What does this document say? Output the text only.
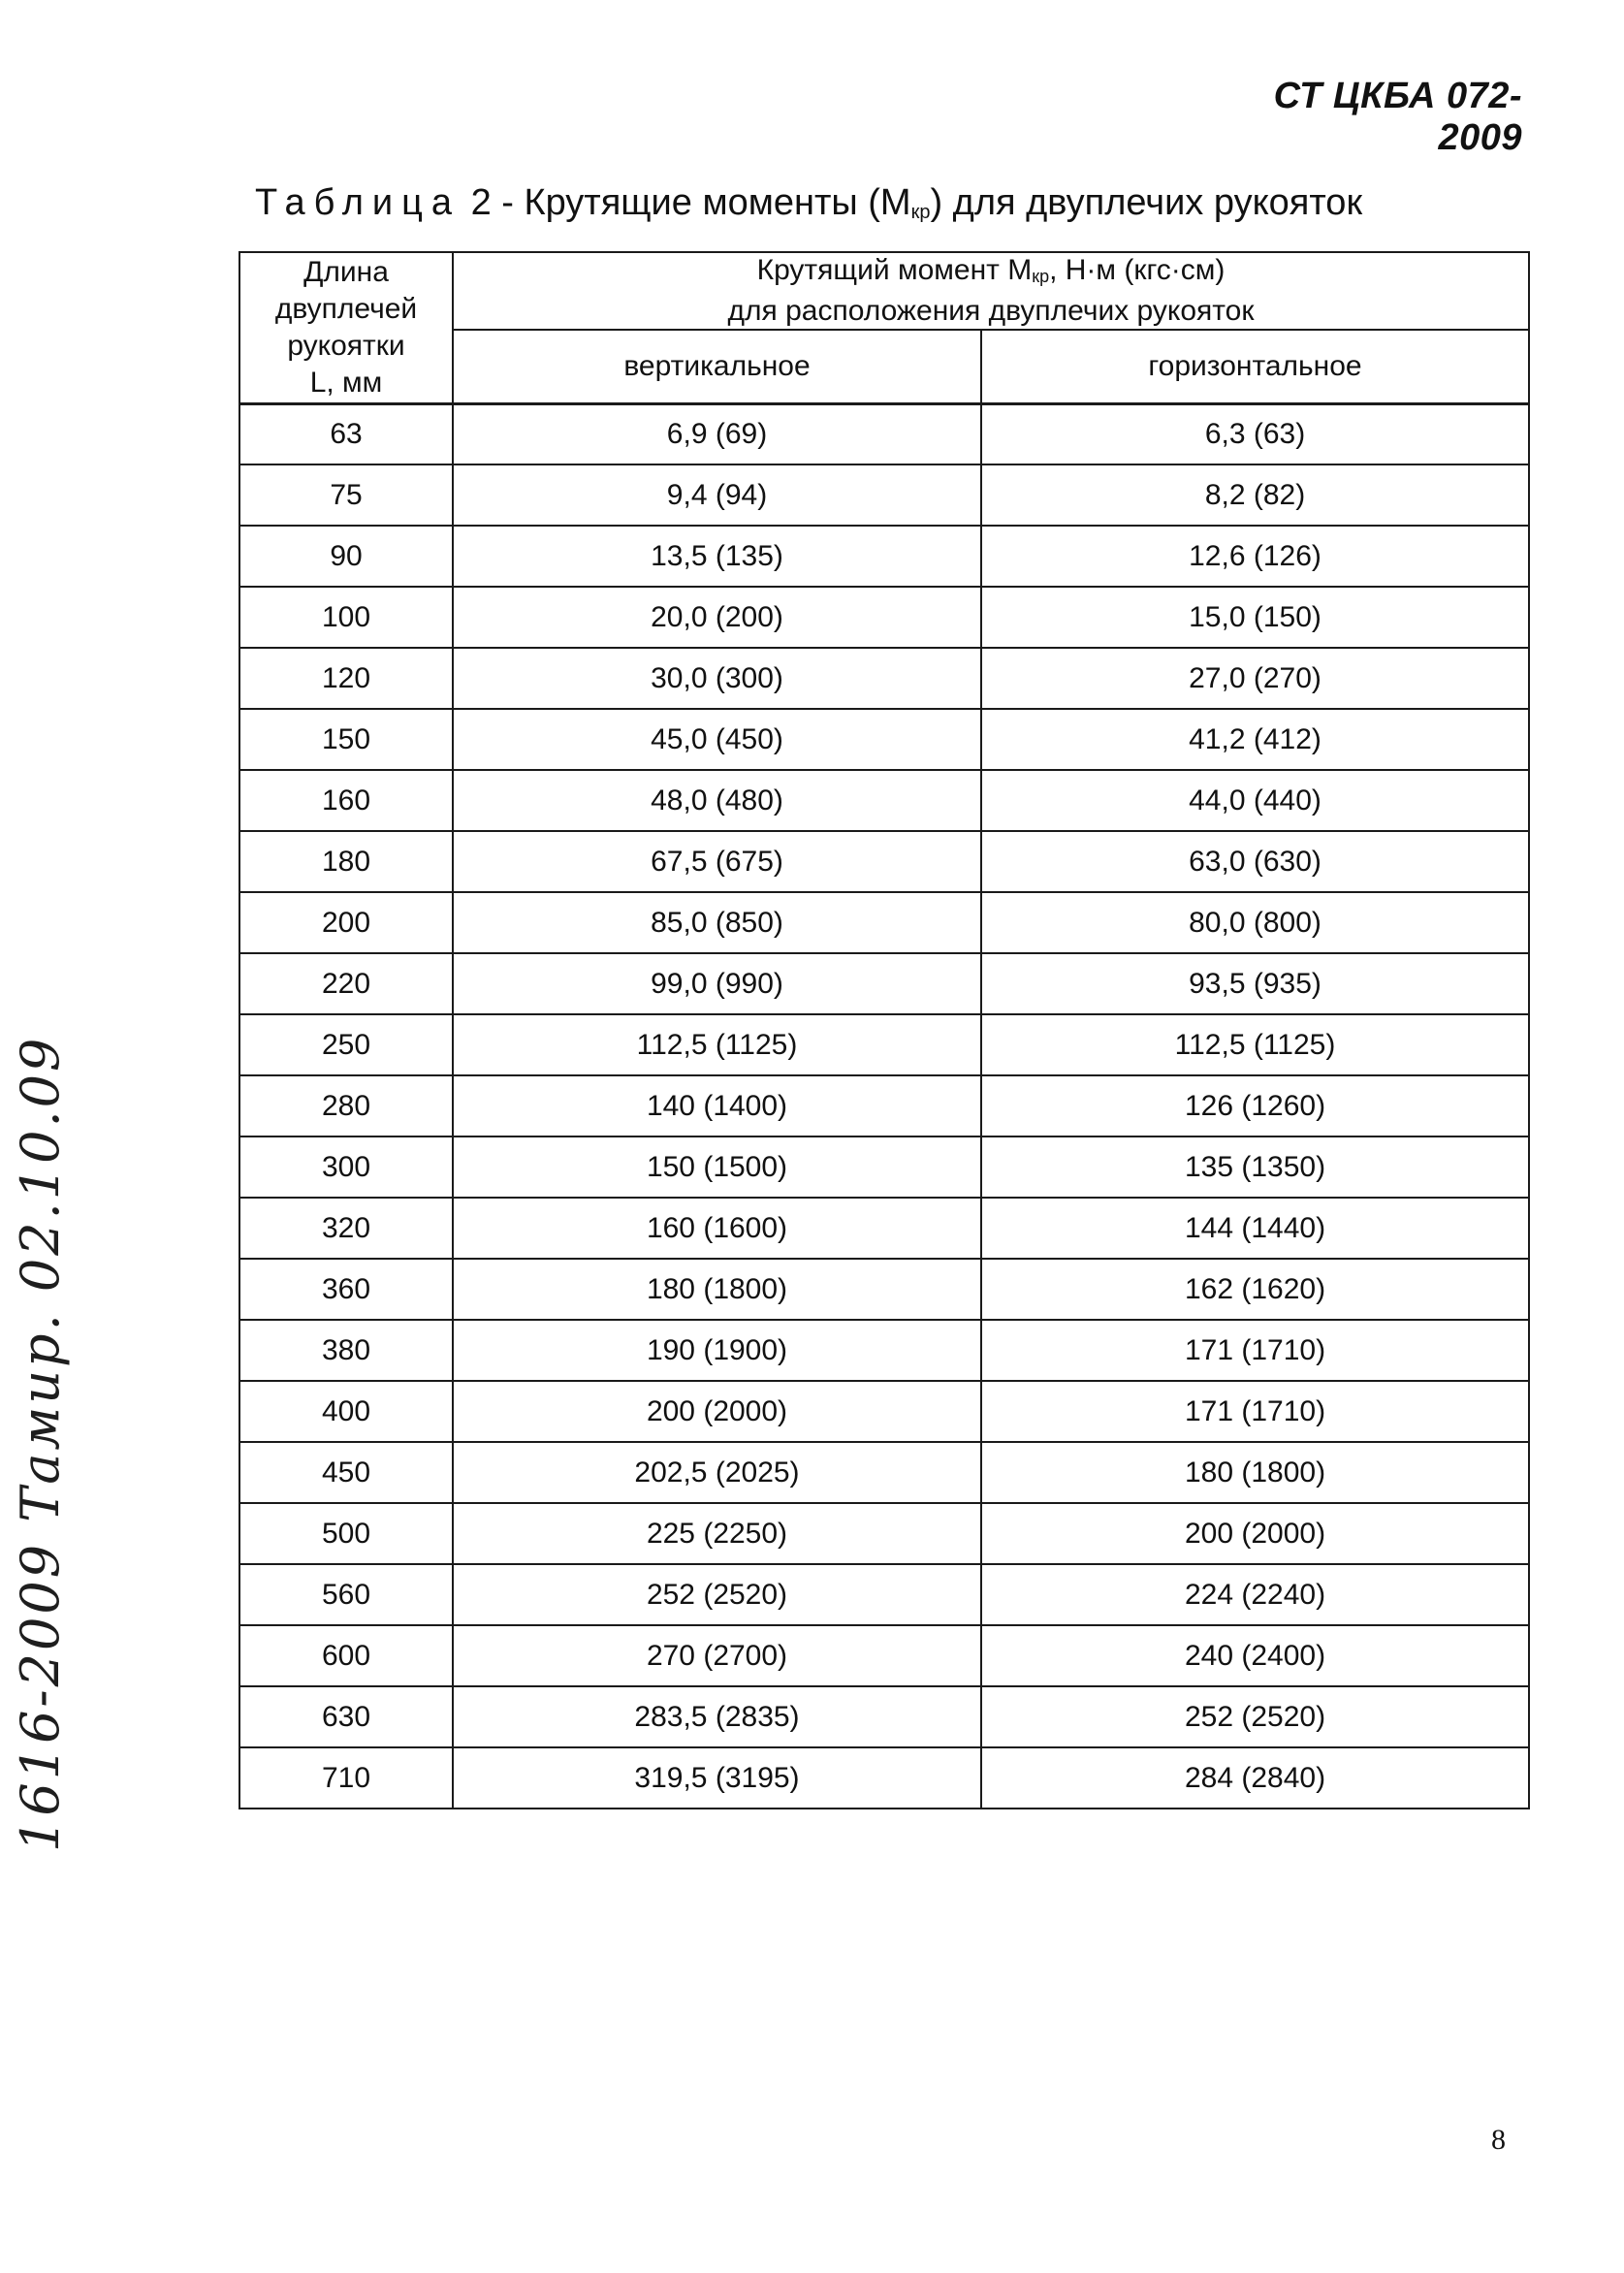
СТ ЦКБА 072-2009
Таблица 2 - Крутящие моменты $(М_{кр})$ для двуплечих рукояток
Длина
двуплечей
рукоятки
L, мм	Крутящий момент $М_{кр}$, Н·м (кгс·см)
для расположения двуплечих рукояток	

	вертикальное	горизонтальное
63	6,9 (69)	6,3 (63)
75	9,4 (94)	8,2 (82)
90	13,5 (135)	12,6 (126)
100	20,0 (200)	15,0 (150)
120	30,0 (300)	27,0 (270)
150	45,0 (450)	41,2 (412)
160	48,0 (480)	44,0 (440)
180	67,5 (675)	63,0 (630)
200	85,0 (850)	80,0 (800)
220	99,0 (990)	93,5 (935)
250	112,5 (1125)	112,5 (1125)
280	140 (1400)	126 (1260)
300	150 (1500)	135 (1350)
320	160 (1600)	144 (1440)
360	180 (1800)	162 (1620)
380	190 (1900)	171 (1710)
400	200 (2000)	171 (1710)
450	202,5 (2025)	180 (1800)
500	225 (2250)	200 (2000)
560	252 (2520)	224 (2240)
600	270 (2700)	240 (2400)
630	283,5 (2835)	252 (2520)
710	319,5 (3195)	284 (2840)
8
1616-2009 Тамир. 02.10.09
